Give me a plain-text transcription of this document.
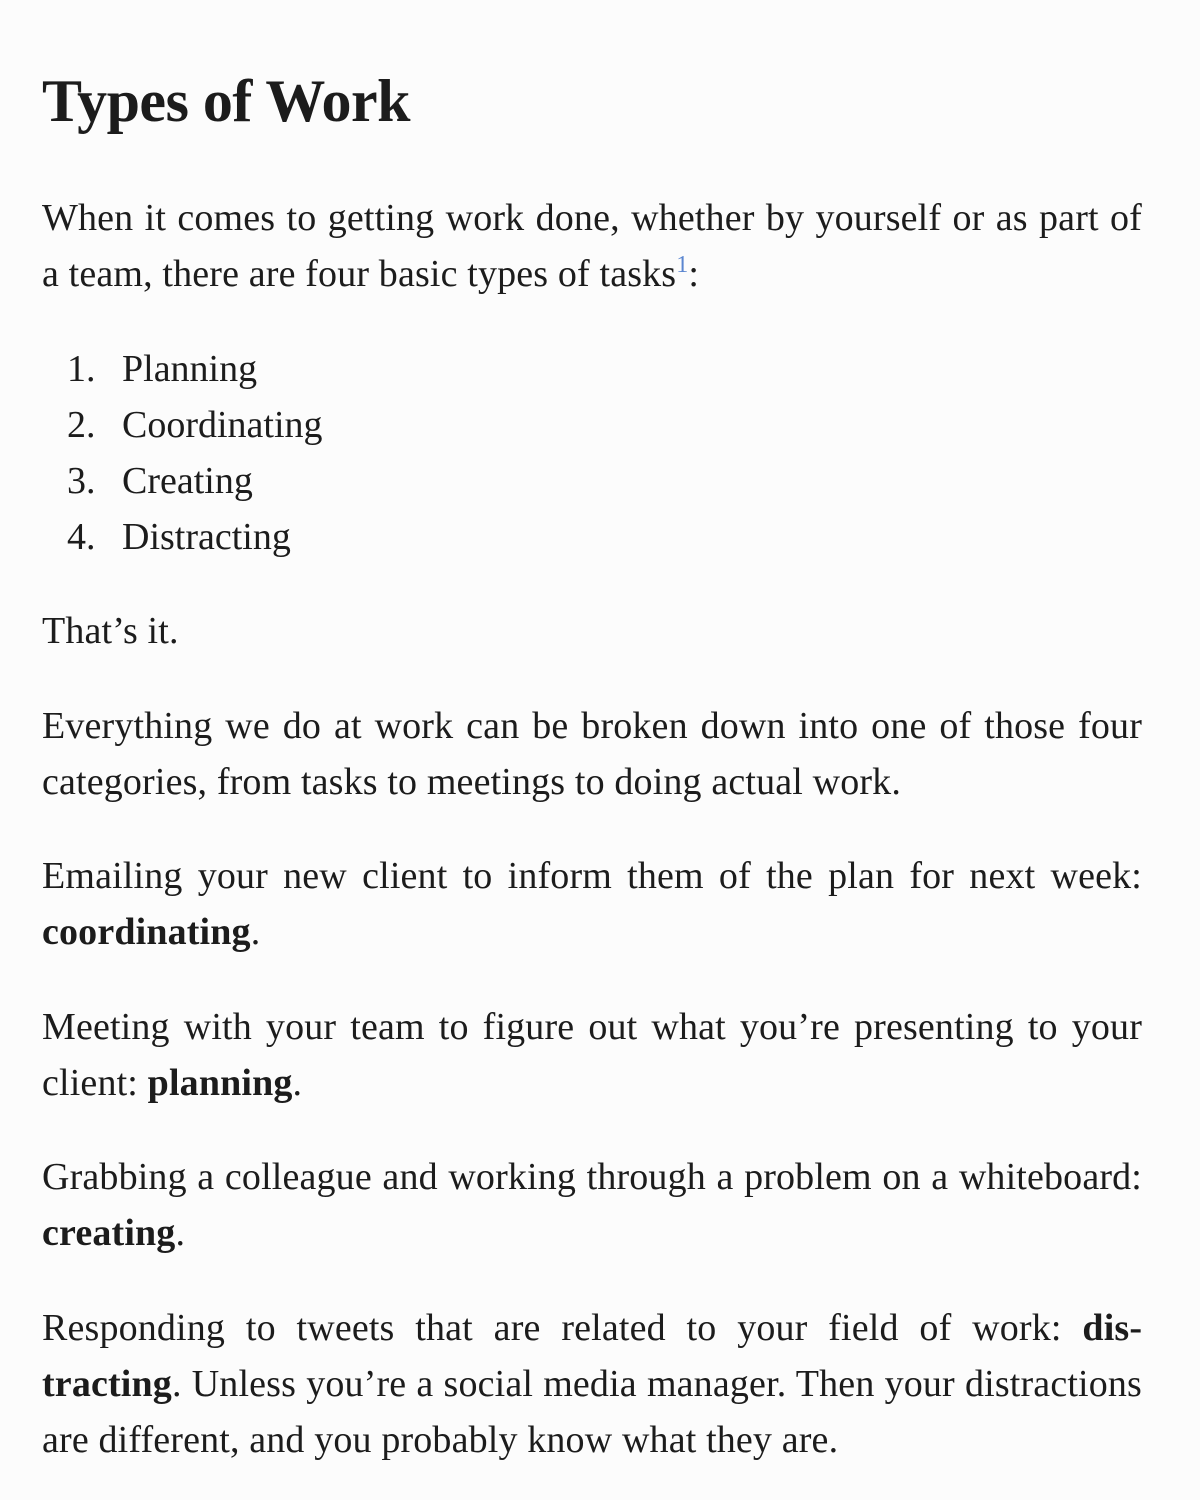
Types of Work

When it comes to getting work done, whether by yourself or as part of a team, there are four basic types of tasks$^1$:

1. Planning
2. Coordinating
3. Creating
4. Distracting

That’s it.

Everything we do at work can be broken down into one of those four categories, from tasks to meetings to doing actual work.

Emailing your new client to inform them of the plan for next week: coordinating.

Meeting with your team to figure out what you’re presenting to your client: planning.

Grabbing a colleague and working through a problem on a whiteboard: creating.

Responding to tweets that are related to your field of work: distracting. Unless you’re a social media manager. Then your distractions are different, and you probably know what they are.
